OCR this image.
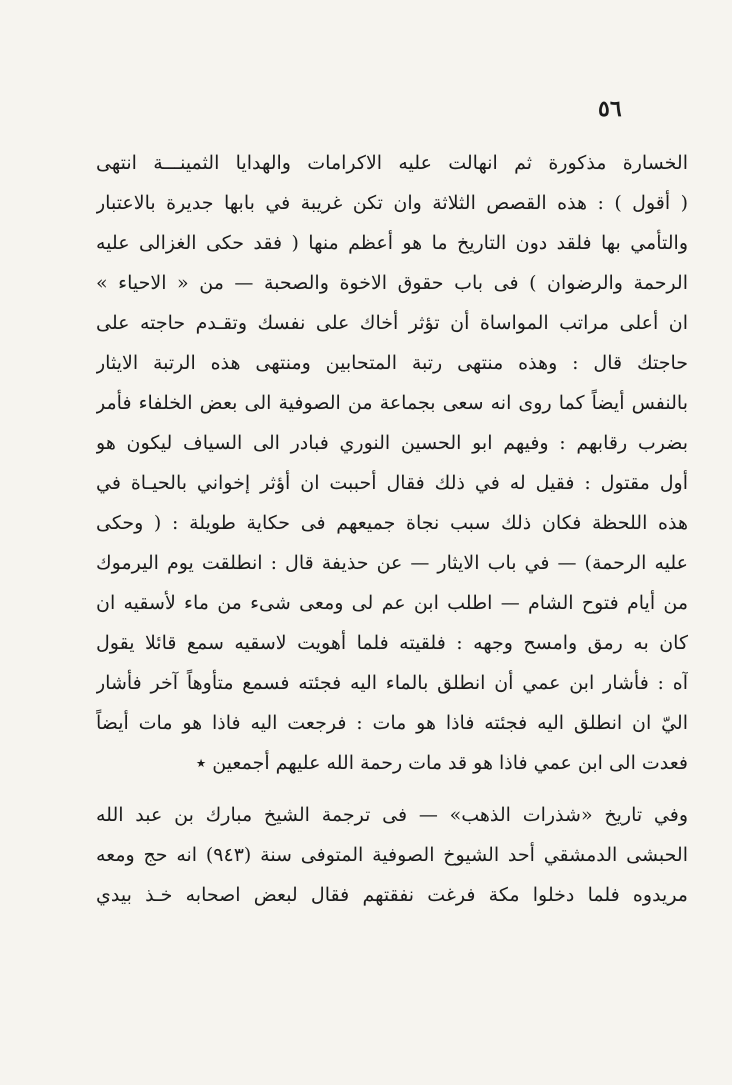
٥٦
الخسارة مذكورة ثم انهالت عليه الاكرامات والهدايا الثمينـــة انتهى
( أقول ) : هذه القصص الثلاثة وان تكن غريبة في بابها جديرة بالاعتبار
والتأمي بها فلقد دون التاريخ ما هو أعظم منها ( فقد حكى الغزالى عليه
الرحمة والرضوان ) فى باب حقوق الاخوة والصحبة — من « الاحياء »
ان أعلى مراتب المواساة أن تؤثر أخاك على نفسك وتقـدم حاجته على
حاجتك قال : وهذه منتهى رتبة المتحابين ومنتهى هذه الرتبة الايثار
بالنفس أيضاً كما روى انه سعى بجماعة من الصوفية الى بعض الخلفاء فأمر
بضرب رقابهم : وفيهم ابو الحسين النوري فبادر الى السياف ليكون هو
أول مقتول : فقيل له في ذلك فقال أحببت ان أؤثر إخواني بالحيـاة في
هذه اللحظة فكان ذلك سبب نجاة جميعهم فى حكاية طويلة : ( وحكى
عليه الرحمة) — في باب الايثار — عن حذيفة قال : انطلقت يوم اليرموك
من أيام فتوح الشام — اطلب ابن عم لى ومعى شىء من ماء لأسقيه ان
كان به رمق وامسح وجهه : فلقيته فلما أهويت لاسقيه سمع قائلا يقول
آه : فأشار ابن عمي أن انطلق بالماء اليه فجئته فسمع متأوهاً آخر فأشار
اليّ ان انطلق اليه فجئته فاذا هو مات : فرجعت اليه فاذا هو مات أيضاً
فعدت الى ابن عمي فاذا هو قد مات رحمة الله عليهم أجمعين ٭
وفي تاريخ «شذرات الذهب» — فى ترجمة الشيخ مبارك بن عبد الله
الحبشى الدمشقي أحد الشيوخ الصوفية المتوفى سنة (٩٤٣) انه حج ومعه
مريدوه فلما دخلوا مكة فرغت نفقتهم فقال لبعض اصحابه خـذ بيدي
